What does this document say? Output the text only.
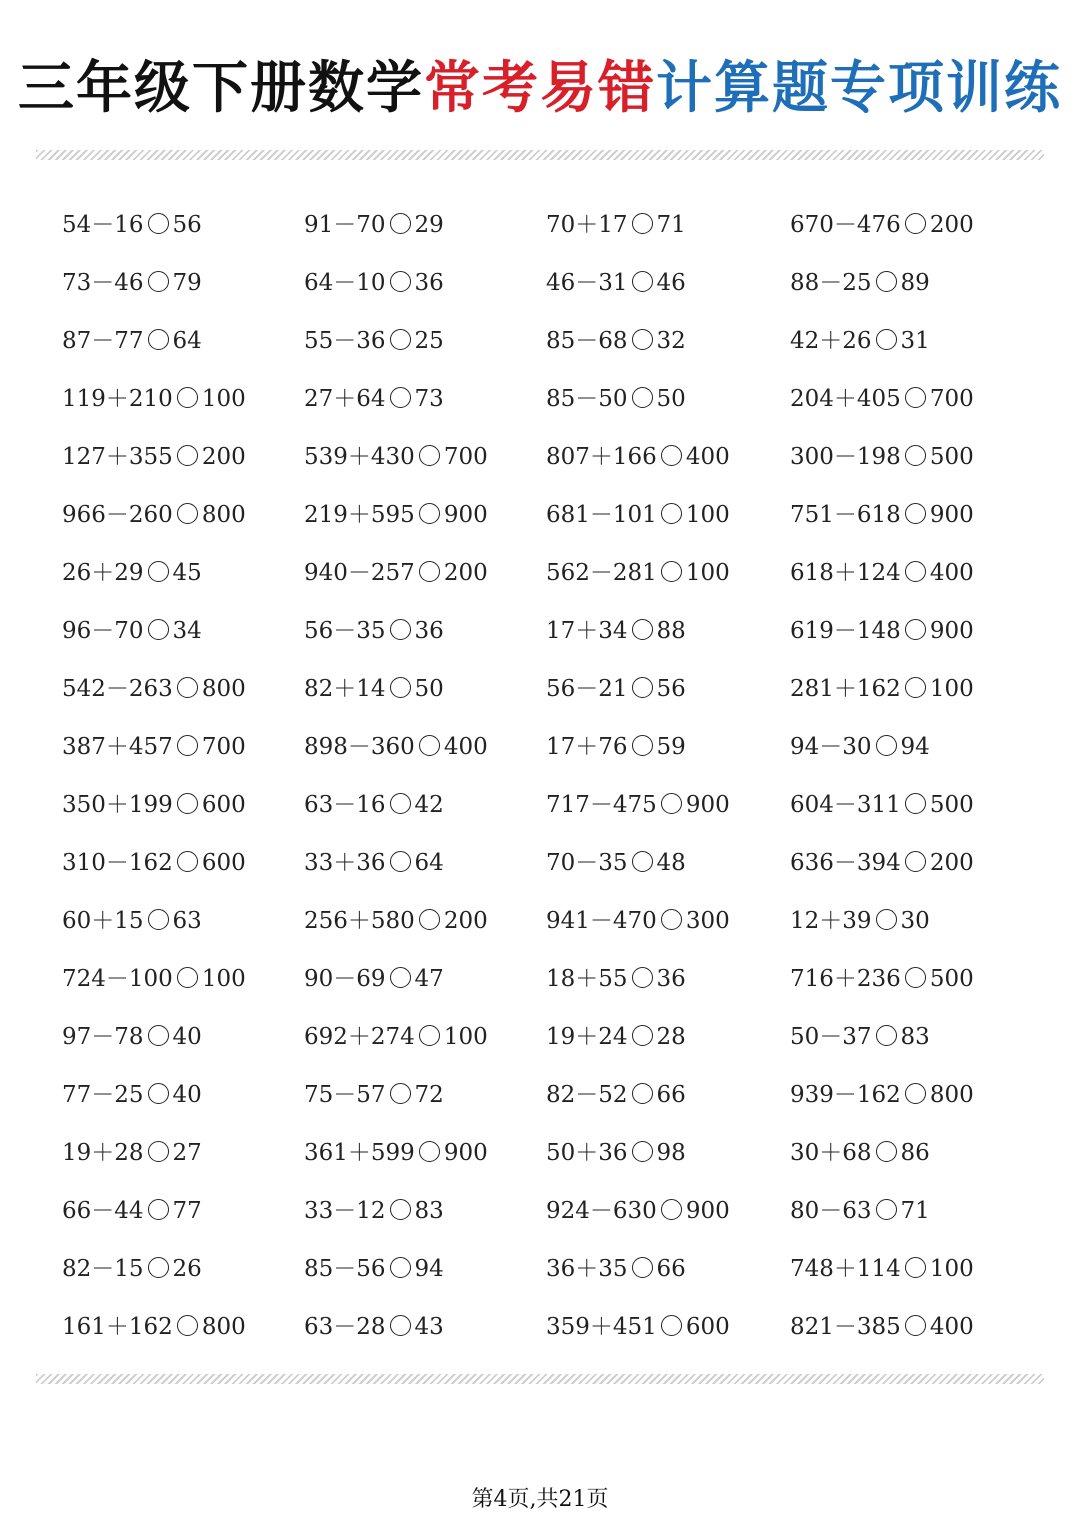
三年级下册数学常考易错计算题专项训练
54－16 56	91－70 29	70＋17 71	670－476 200
73－46 79	64－10 36	46－31 46	88－25 89
87－77 64	55－36 25	85－68 32	42＋26 31
119＋210 100	27＋64 73	85－50 50	204＋405 700
127＋355 200	539＋430 700	807＋166 400	300－198 500
966－260 800	219＋595 900	681－101 100	751－618 900
26＋29 45	940－257 200	562－281 100	618＋124 400
96－70 34	56－35 36	17＋34 88	619－148 900
542－263 800	82＋14 50	56－21 56	281＋162 100
387＋457 700	898－360 400	17＋76 59	94－30 94
350＋199 600	63－16 42	717－475 900	604－311 500
310－162 600	33＋36 64	70－35 48	636－394 200
60＋15 63	256＋580 200	941－470 300	12＋39 30
724－100 100	90－69 47	18＋55 36	716＋236 500
97－78 40	692＋274 100	19＋24 28	50－37 83
77－25 40	75－57 72	82－52 66	939－162 800
19＋28 27	361＋599 900	50＋36 98	30＋68 86
66－44 77	33－12 83	924－630 900	80－63 71
82－15 26	85－56 94	36＋35 66	748＋114 100
161＋162 800	63－28 43	359＋451 600	821－385 400
第4页,共21页
